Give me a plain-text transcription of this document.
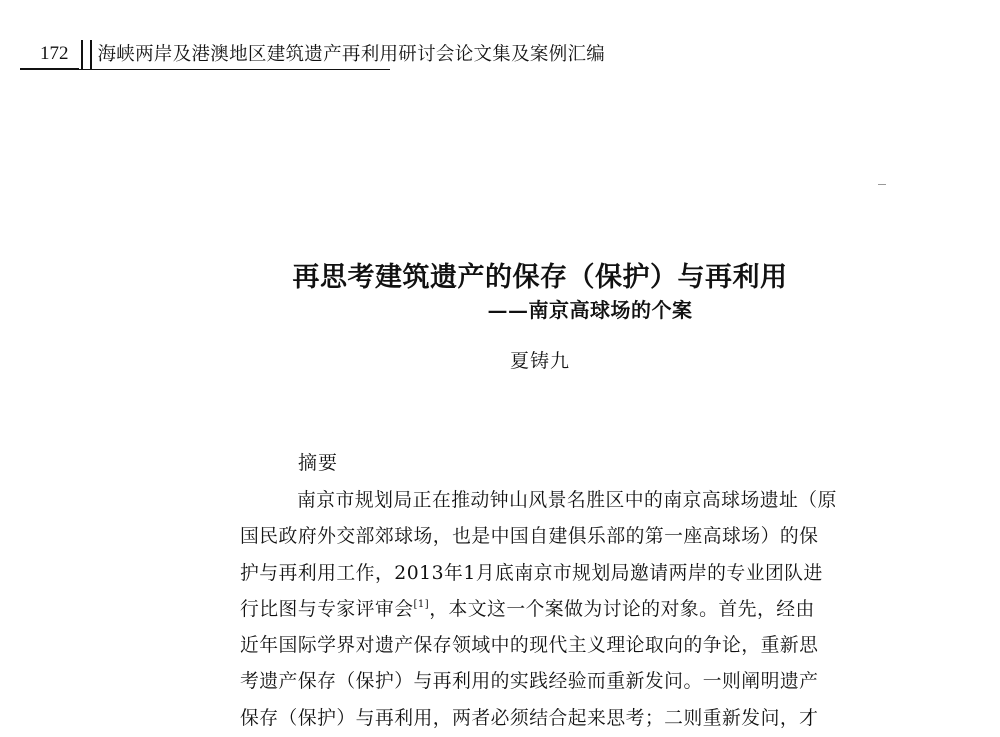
172	海峡两岸及港澳地区建筑遗产再利用研讨会论文集及案例汇编
再思考建筑遗产的保存（保护）与再利用
——南京高球场的个案

夏铸九

摘要
南京市规划局正在推动钟山风景名胜区中的南京高球场遗址（原
国民政府外交部郊球场，也是中国自建俱乐部的第一座高球场）的保
护与再利用工作，2013年1月底南京市规划局邀请两岸的专业团队进
行比图与专家评审会[1]，本文这一个案做为讨论的对象。首先，经由
近年国际学界对遗产保存领域中的现代主义理论取向的争论，重新思
考遗产保存（保护）与再利用的实践经验而重新发问。一则阐明遗产
保存（保护）与再利用，两者必须结合起来思考；二则重新发问，才
